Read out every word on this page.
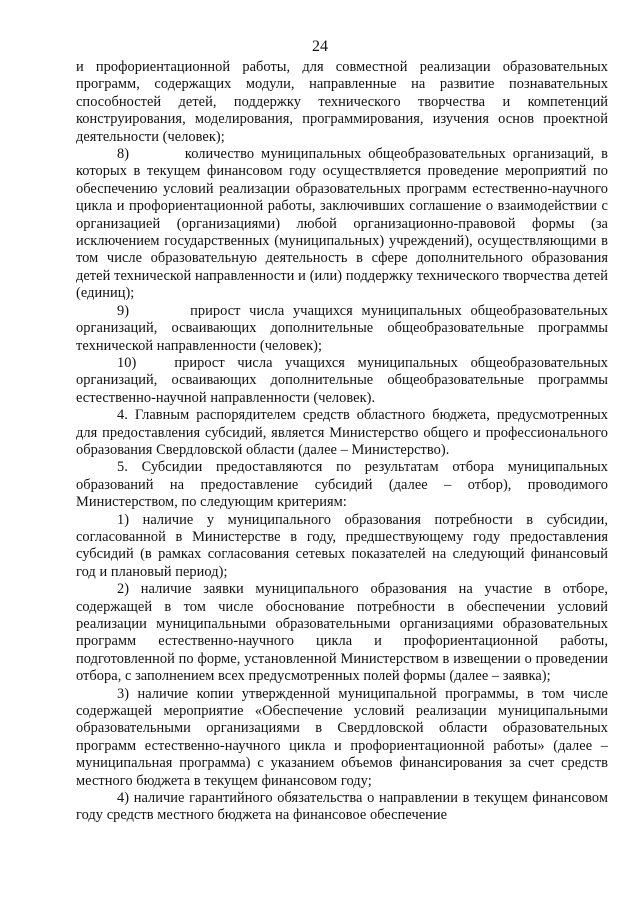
24

и профориентационной работы, для совместной реализации образовательных программ, содержащих модули, направленные на развитие познавательных способностей детей, поддержку технического творчества и компетенций конструирования, моделирования, программирования, изучения основ проектной деятельности (человек);

8)        количество муниципальных общеобразовательных организаций, в которых в текущем финансовом году осуществляется проведение мероприятий по обеспечению условий реализации образовательных программ естественно-научного цикла и профориентационной работы, заключивших соглашение о взаимодействии с организацией (организациями) любой организационно-правовой формы (за исключением государственных (муниципальных) учреждений), осуществляющими в том числе образовательную деятельность в сфере дополнительного образования детей технической направленности и (или) поддержку технического творчества детей (единиц);

9)       прирост числа учащихся муниципальных общеобразовательных организаций, осваивающих дополнительные общеобразовательные программы технической направленности (человек);

10)   прирост числа учащихся муниципальных общеобразовательных организаций, осваивающих дополнительные общеобразовательные программы естественно-научной направленности (человек).

4. Главным распорядителем средств областного бюджета, предусмотренных для предоставления субсидий, является Министерство общего и профессионального образования Свердловской области (далее – Министерство).

5. Субсидии предоставляются по результатам отбора муниципальных образований на предоставление субсидий (далее – отбор), проводимого Министерством, по следующим критериям:

1) наличие у муниципального образования потребности в субсидии, согласованной в Министерстве в году, предшествующему году предоставления субсидий (в рамках согласования сетевых показателей на следующий финансовый год и плановый период);

2) наличие заявки муниципального образования на участие в отборе, содержащей в том числе обоснование потребности в обеспечении условий реализации муниципальными образовательными организациями образовательных программ естественно-научного цикла и профориентационной работы, подготовленной по форме, установленной Министерством в извещении о проведении отбора, с заполнением всех предусмотренных полей формы (далее – заявка);

3) наличие копии утвержденной муниципальной программы, в том числе содержащей мероприятие «Обеспечение условий реализации муниципальными образовательными организациями в Свердловской области образовательных программ естественно-научного цикла и профориентационной работы» (далее – муниципальная программа) с указанием объемов финансирования за счет средств местного бюджета в текущем финансовом году;

4) наличие гарантийного обязательства о направлении в текущем финансовом году средств местного бюджета на финансовое обеспечение
